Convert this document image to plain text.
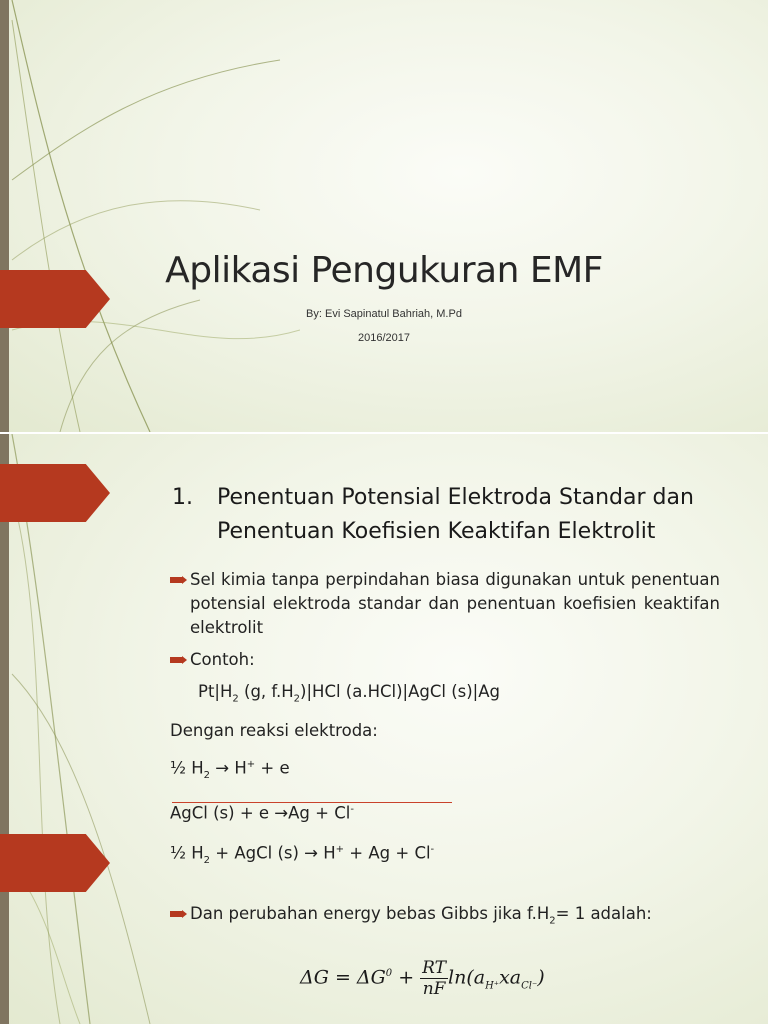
Aplikasi Pengukuran EMF
By: Evi Sapinatul Bahriah, M.Pd
2016/2017
1. Penentuan Potensial Elektroda Standar dan
Penentuan Koefisien Keaktifan Elektrolit
Sel kimia tanpa perpindahan biasa digunakan untuk penentuan potensial elektroda standar dan penentuan koefisien keaktifan elektrolit
Contoh:
$Pt|H_2$ (g, $f.H_2)|HCl$ (a.HCl)|AgCl (s)|Ag
Dengan reaksi elektroda:
½ $H_2 \to H^+ + e$
AgCl (s) + e →Ag + Cl-
½ $H_2$ + AgCl (s) → H+ + Ag + Cl-
Dan perubahan energy bebas Gibbs jika $f.H_2= 1$ adalah:
$\Delta G = \Delta G^0 + \frac{RT}{nF} \ln(a_{H^+}xa_{Cl^-})$
